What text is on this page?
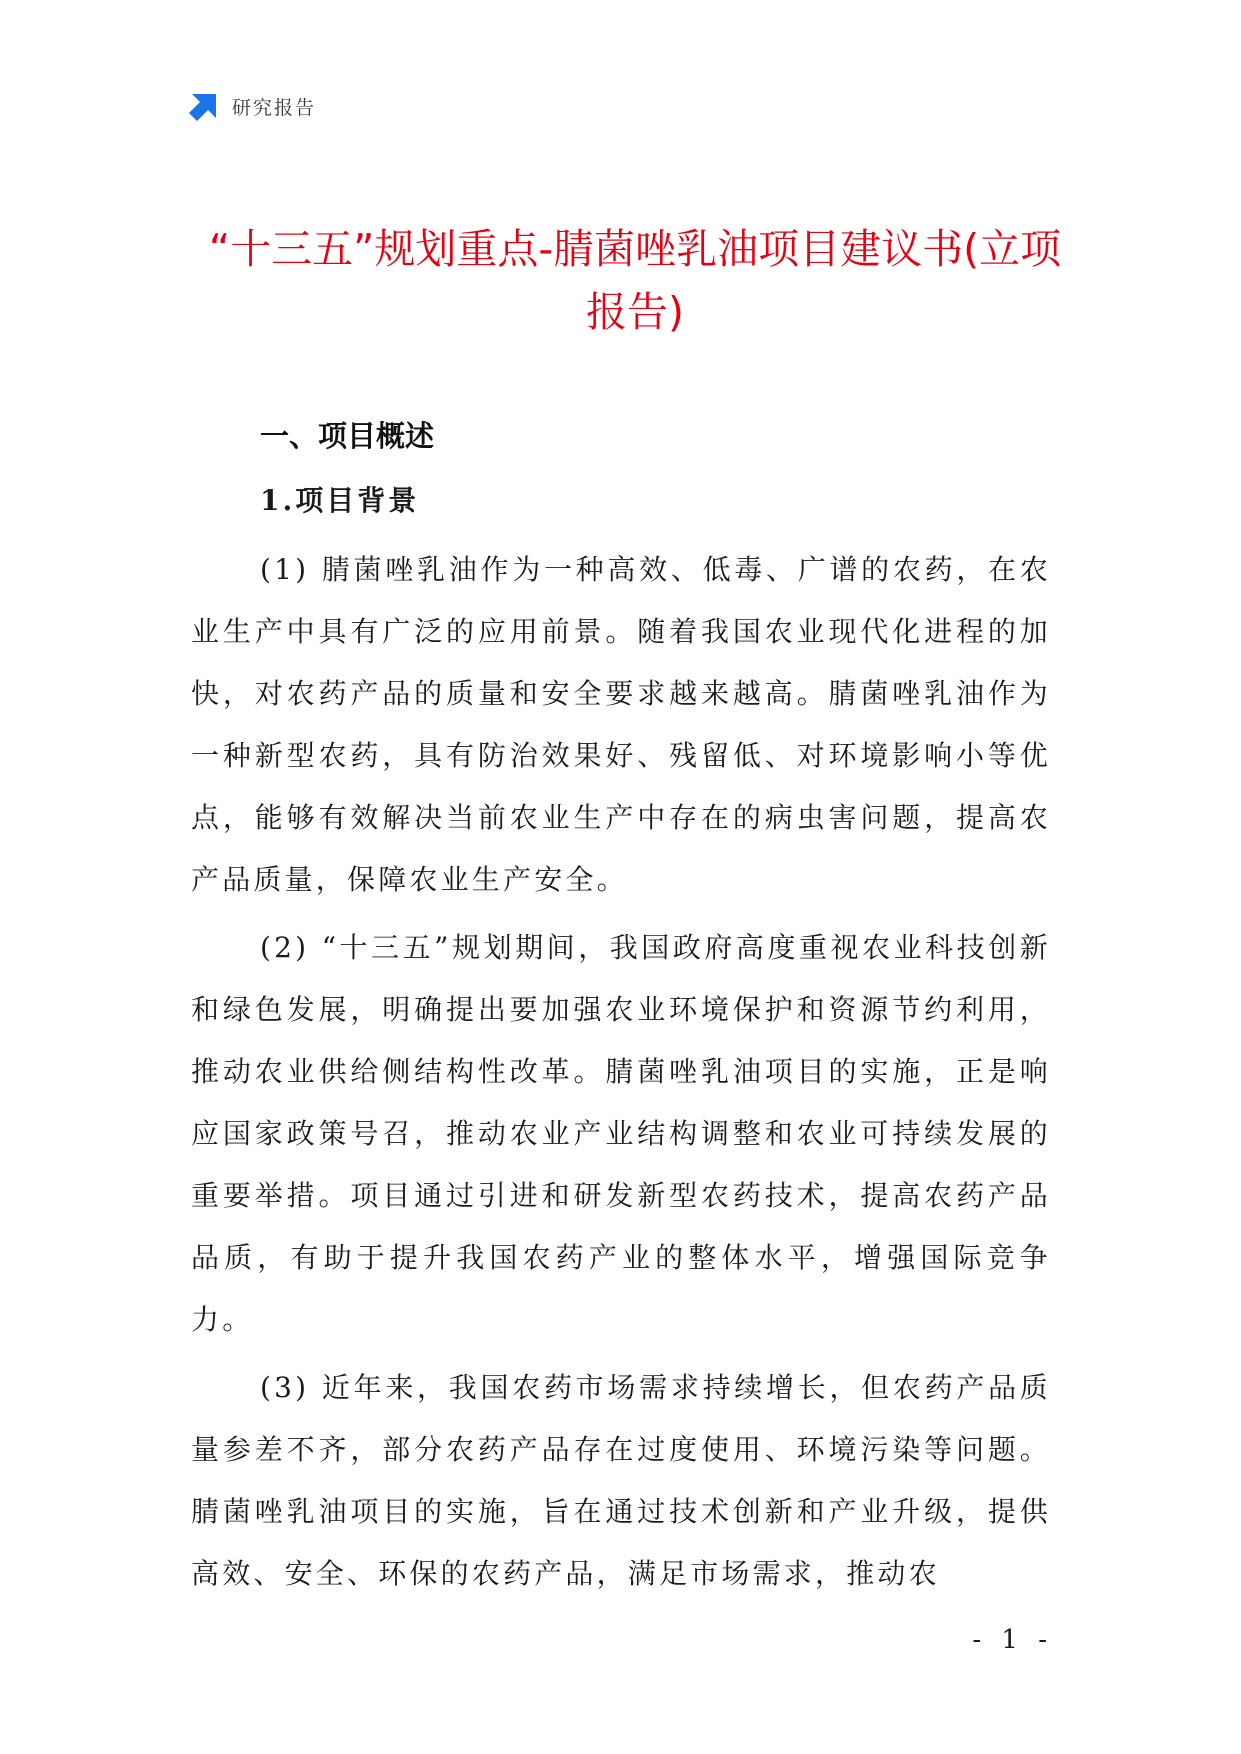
研究报告
“十三五”规划重点-腈菌唑乳油项目建议书(立项报告)
一、项目概述
1.项目背景

(1) 腈菌唑乳油作为一种高效、低毒、广谱的农药，在农业生产中具有广泛的应用前景。随着我国农业现代化进程的加快，对农药产品的质量和安全要求越来越高。腈菌唑乳油作为一种新型农药，具有防治效果好、残留低、对环境影响小等优点，能够有效解决当前农业生产中存在的病虫害问题，提高农产品质量，保障农业生产安全。

(2) “十三五”规划期间，我国政府高度重视农业科技创新和绿色发展，明确提出要加强农业环境保护和资源节约利用，推动农业供给侧结构性改革。腈菌唑乳油项目的实施，正是响应国家政策号召，推动农业产业结构调整和农业可持续发展的重要举措。项目通过引进和研发新型农药技术，提高农药产品品质，有助于提升我国农药产业的整体水平，增强国际竞争力。

(3) 近年来，我国农药市场需求持续增长，但农药产品质量参差不齐，部分农药产品存在过度使用、环境污染等问题。腈菌唑乳油项目的实施，旨在通过技术创新和产业升级，提供高效、安全、环保的农药产品，满足市场需求，推动农

- 1 -
